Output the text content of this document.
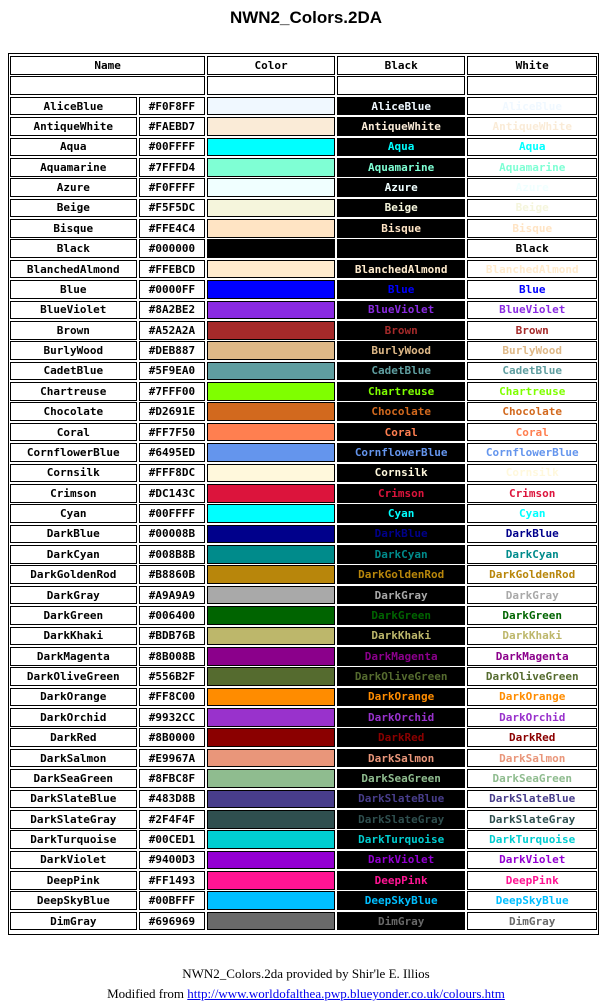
NWN2_Colors.2DA
Name	Color	Black	White
AliceBlue	#F0F8FF	AliceBlue	AliceBlue
AntiqueWhite	#FAEBD7	AntiqueWhite	AntiqueWhite
Aqua	#00FFFF	Aqua	Aqua
Aquamarine	#7FFFD4	Aquamarine	Aquamarine
Azure	#F0FFFF	Azure	Azure
Beige	#F5F5DC	Beige	Beige
Bisque	#FFE4C4	Bisque	Bisque
Black	#000000	Black	Black
BlanchedAlmond	#FFEBCD	BlanchedAlmond	BlanchedAlmond
Blue	#0000FF	Blue	Blue
BlueViolet	#8A2BE2	BlueViolet	BlueViolet
Brown	#A52A2A	Brown	Brown
BurlyWood	#DEB887	BurlyWood	BurlyWood
CadetBlue	#5F9EA0	CadetBlue	CadetBlue
Chartreuse	#7FFF00	Chartreuse	Chartreuse
Chocolate	#D2691E	Chocolate	Chocolate
Coral	#FF7F50	Coral	Coral
CornflowerBlue	#6495ED	CornflowerBlue	CornflowerBlue
Cornsilk	#FFF8DC	Cornsilk	Cornsilk
Crimson	#DC143C	Crimson	Crimson
Cyan	#00FFFF	Cyan	Cyan
DarkBlue	#00008B	DarkBlue	DarkBlue
DarkCyan	#008B8B	DarkCyan	DarkCyan
DarkGoldenRod	#B8860B	DarkGoldenRod	DarkGoldenRod
DarkGray	#A9A9A9	DarkGray	DarkGray
DarkGreen	#006400	DarkGreen	DarkGreen
DarkKhaki	#BDB76B	DarkKhaki	DarkKhaki
DarkMagenta	#8B008B	DarkMagenta	DarkMagenta
DarkOliveGreen	#556B2F	DarkOliveGreen	DarkOliveGreen
DarkOrange	#FF8C00	DarkOrange	DarkOrange
DarkOrchid	#9932CC	DarkOrchid	DarkOrchid
DarkRed	#8B0000	DarkRed	DarkRed
DarkSalmon	#E9967A	DarkSalmon	DarkSalmon
DarkSeaGreen	#8FBC8F	DarkSeaGreen	DarkSeaGreen
DarkSlateBlue	#483D8B	DarkSlateBlue	DarkSlateBlue
DarkSlateGray	#2F4F4F	DarkSlateGray	DarkSlateGray
DarkTurquoise	#00CED1	DarkTurquoise	DarkTurquoise
DarkViolet	#9400D3	DarkViolet	DarkViolet
DeepPink	#FF1493	DeepPink	DeepPink
DeepSkyBlue	#00BFFF	DeepSkyBlue	DeepSkyBlue
DimGray	#696969	DimGray	DimGray
NWN2_Colors.2da provided by Shir'le E. Illios
Modified from http://www.worldofalthea.pwp.blueyonder.co.uk/colours.htm
